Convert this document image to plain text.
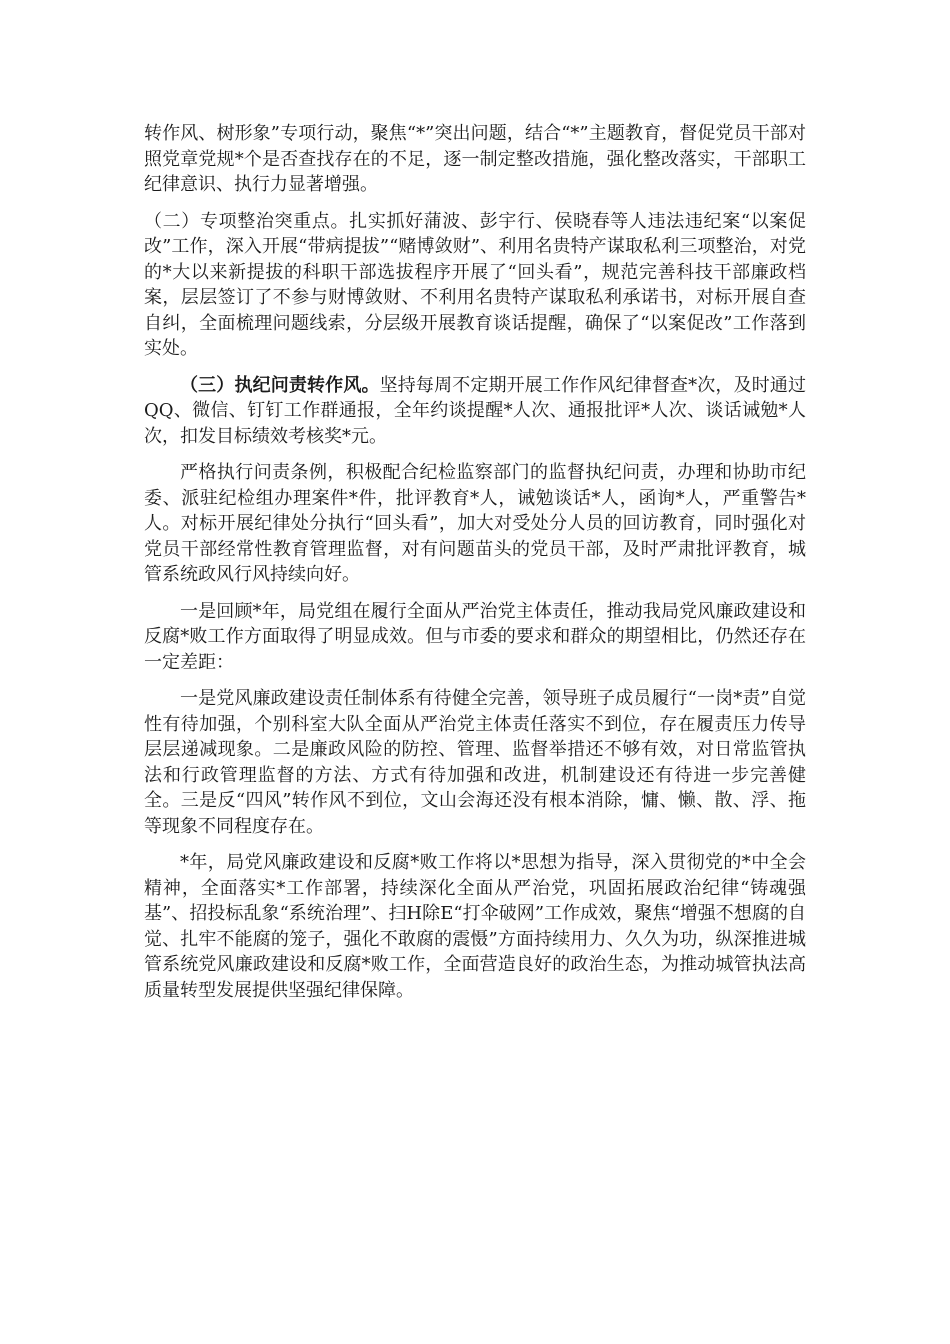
转作风、树形象”专项行动，聚焦“*”突出问题，结合“*”主题教育，督促党员干部对照党章党规*个是否查找存在的不足，逐一制定整改措施，强化整改落实，干部职工纪律意识、执行力显著增强。

（二）专项整治突重点。扎实抓好蒲波、彭宇行、侯晓春等人违法违纪案“以案促改”工作，深入开展“带病提拔”“赌博敛财”、利用名贵特产谋取私利三项整治，对党的*大以来新提拔的科职干部选拔程序开展了“回头看”，规范完善科技干部廉政档案，层层签订了不参与财博敛财、不利用名贵特产谋取私利承诺书，对标开展自查自纠，全面梳理问题线索，分层级开展教育谈话提醒，确保了“以案促改”工作落到实处。

（三）执纪问责转作风。坚持每周不定期开展工作作风纪律督查*次，及时通过QQ、微信、钉钉工作群通报，全年约谈提醒*人次、通报批评*人次、谈话诫勉*人次，扣发目标绩效考核奖*元。

严格执行问责条例，积极配合纪检监察部门的监督执纪问责，办理和协助市纪委、派驻纪检组办理案件*件，批评教育*人，诫勉谈话*人，函询*人，严重警告*人。对标开展纪律处分执行“回头看”，加大对受处分人员的回访教育，同时强化对党员干部经常性教育管理监督，对有问题苗头的党员干部，及时严肃批评教育，城管系统政风行风持续向好。

一是回顾*年，局党组在履行全面从严治党主体责任，推动我局党风廉政建设和反腐*败工作方面取得了明显成效。但与市委的要求和群众的期望相比，仍然还存在一定差距：

一是党风廉政建设责任制体系有待健全完善，领导班子成员履行“一岗*责”自觉性有待加强，个别科室大队全面从严治党主体责任落实不到位，存在履责压力传导层层递减现象。二是廉政风险的防控、管理、监督举措还不够有效，对日常监管执法和行政管理监督的方法、方式有待加强和改进，机制建设还有待进一步完善健全。三是反“四风”转作风不到位，文山会海还没有根本消除，慵、懒、散、浮、拖等现象不同程度存在。

*年，局党风廉政建设和反腐*败工作将以*思想为指导，深入贯彻党的*中全会精神，全面落实*工作部署，持续深化全面从严治党，巩固拓展政治纪律“铸魂强基”、招投标乱象“系统治理”、扫H除E“打伞破网”工作成效，聚焦“增强不想腐的自觉、扎牢不能腐的笼子，强化不敢腐的震慑”方面持续用力、久久为功，纵深推进城管系统党风廉政建设和反腐*败工作，全面营造良好的政治生态，为推动城管执法高质量转型发展提供坚强纪律保障。
